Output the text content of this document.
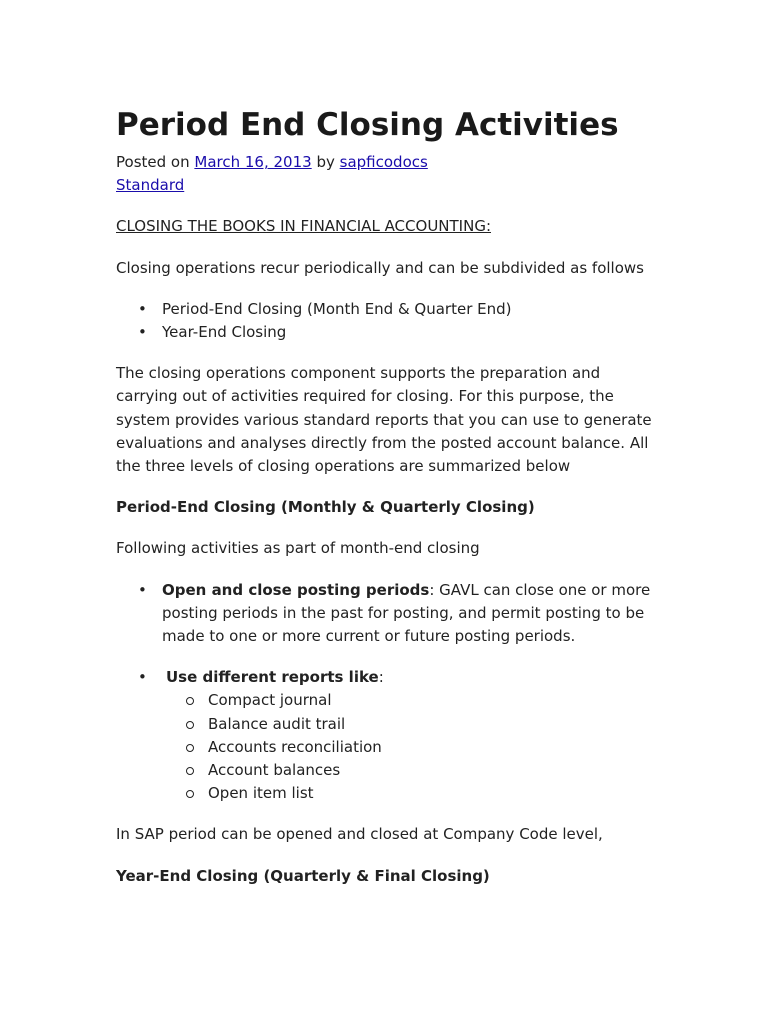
Period End Closing Activities
Posted on March 16, 2013 by sapficodocs
Standard

CLOSING THE BOOKS IN FINANCIAL ACCOUNTING:

Closing operations recur periodically and can be subdivided as follows

• Period-End Closing (Month End & Quarter End)
• Year-End Closing

The closing operations component supports the preparation and carrying out of activities required for closing. For this purpose, the system provides various standard reports that you can use to generate evaluations and analyses directly from the posted account balance. All the three levels of closing operations are summarized below

Period-End Closing (Monthly & Quarterly Closing)

Following activities as part of month-end closing

• Open and close posting periods: GAVL can close one or more posting periods in the past for posting, and permit posting to be made to one or more current or future posting periods.
• Use different reports like:
Compact journal
Balance audit trail
Accounts reconciliation
Account balances
Open item list

In SAP period can be opened and closed at Company Code level,

Year-End Closing (Quarterly & Final Closing)
